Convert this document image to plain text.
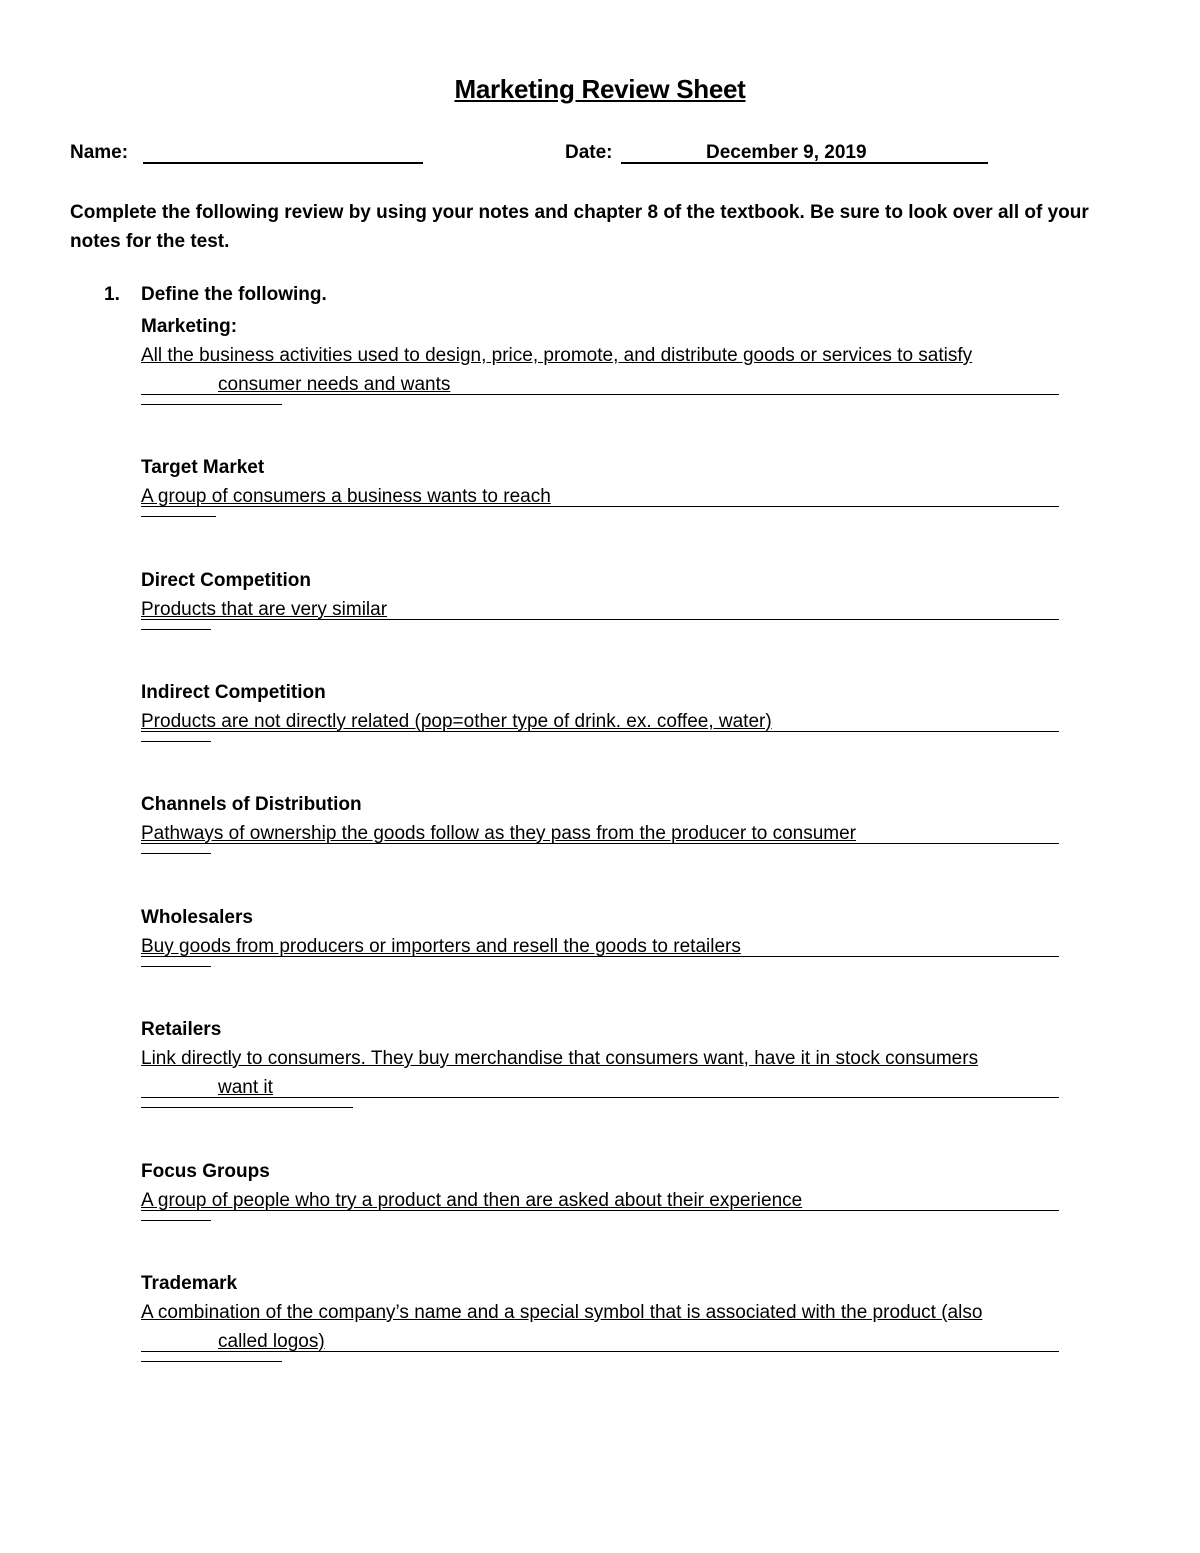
Marketing Review Sheet
Name:	Date:	December 9, 2019
Complete the following review by using your notes and chapter 8 of the textbook. Be sure to look over all of your notes for the test.
1. Define the following.
Marketing:
All the business activities used to design, price, promote, and distribute goods or services to satisfy
consumer needs and wants
Target Market
A group of consumers a business wants to reach
Direct Competition
Products that are very similar
Indirect Competition
Products are not directly related (pop=other type of drink. ex. coffee, water)
Channels of Distribution
Pathways of ownership the goods follow as they pass from the producer to consumer
Wholesalers
Buy goods from producers or importers and resell the goods to retailers
Retailers
Link directly to consumers. They buy merchandise that consumers want, have it in stock consumers
want it
Focus Groups
A group of people who try a product and then are asked about their experience
Trademark
A combination of the company’s name and a special symbol that is associated with the product (also
called logos)
